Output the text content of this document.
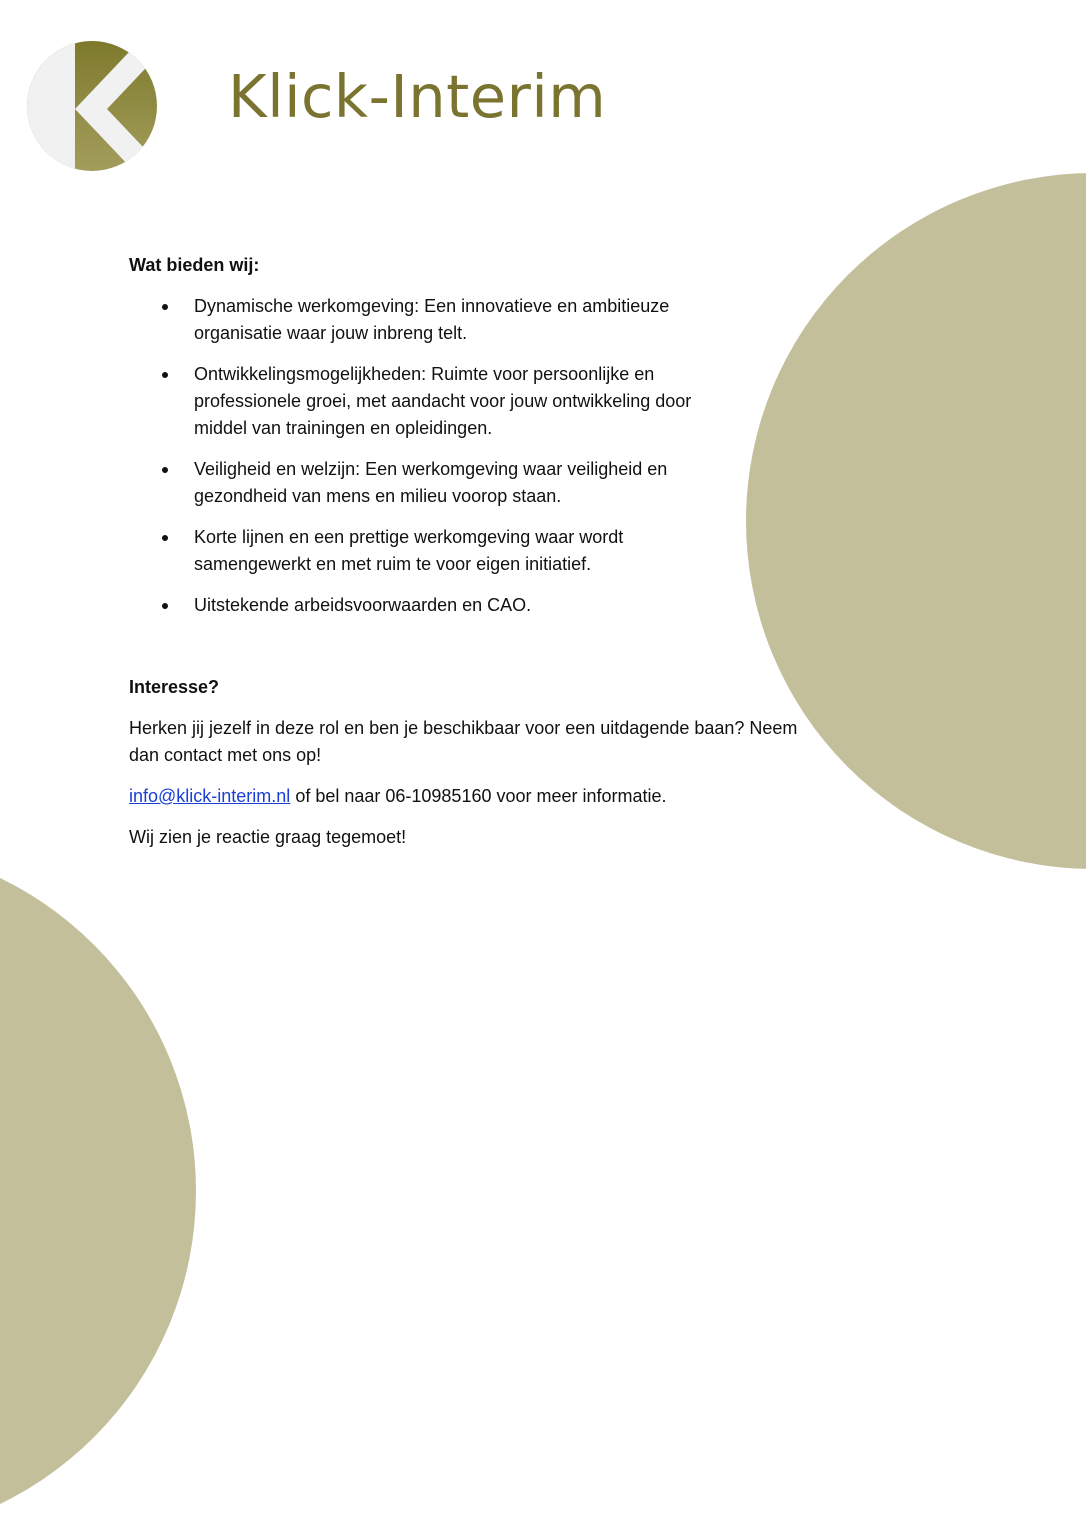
Klick-Interim
Wat bieden wij:
Dynamische werkomgeving: Een innovatieve en ambitieuze organisatie waar jouw inbreng telt.
Ontwikkelingsmogelijkheden: Ruimte voor persoonlijke en professionele groei, met aandacht voor jouw ontwikkeling door middel van trainingen en opleidingen.
Veiligheid en welzijn: Een werkomgeving waar veiligheid en gezondheid van mens en milieu voorop staan.
Korte lijnen en een prettige werkomgeving waar wordt samengewerkt en met ruim te voor eigen initiatief.
Uitstekende arbeidsvoorwaarden en CAO.
Interesse?

Herken jij jezelf in deze rol en ben je beschikbaar voor een uitdagende baan? Neem dan contact met ons op!

info@klick-interim.nl of bel naar 06-10985160 voor meer informatie.

Wij zien je reactie graag tegemoet!
